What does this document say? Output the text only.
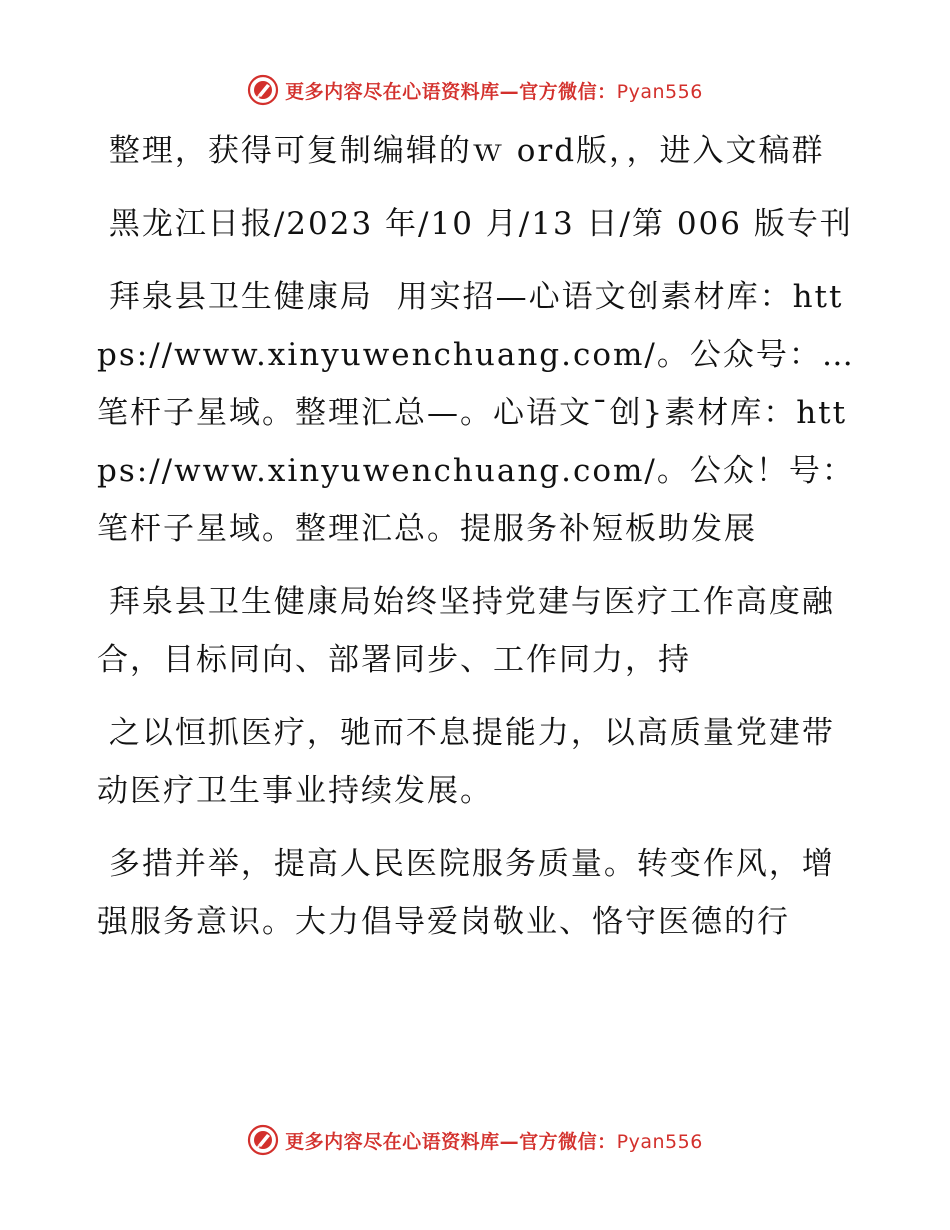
更多内容尽在心语资料库—官方微信：Pyan556

整理，获得可复制编辑的ｗ ord版，，进入文稿群

黑龙江日报/2023 年/10 月/13 日/第 006 版专刊

拜泉县卫生健康局  用实招—心语文创素材库：https://www.xinyuwenchuang.com/。公众号：…笔杆子星域。整理汇总—。心语文¯创}素材库：https://www.xinyuwenchuang.com/。公众！号：笔杆子星域。整理汇总。提服务补短板助发展

拜泉县卫生健康局始终坚持党建与医疗工作高度融合，目标同向、部署同步、工作同力，持

之以恒抓医疗，驰而不息提能力，以高质量党建带动医疗卫生事业持续发展。

多措并举，提高人民医院服务质量。转变作风，增强服务意识。大力倡导爱岗敬业、恪守医德的行

更多内容尽在心语资料库—官方微信：Pyan556
